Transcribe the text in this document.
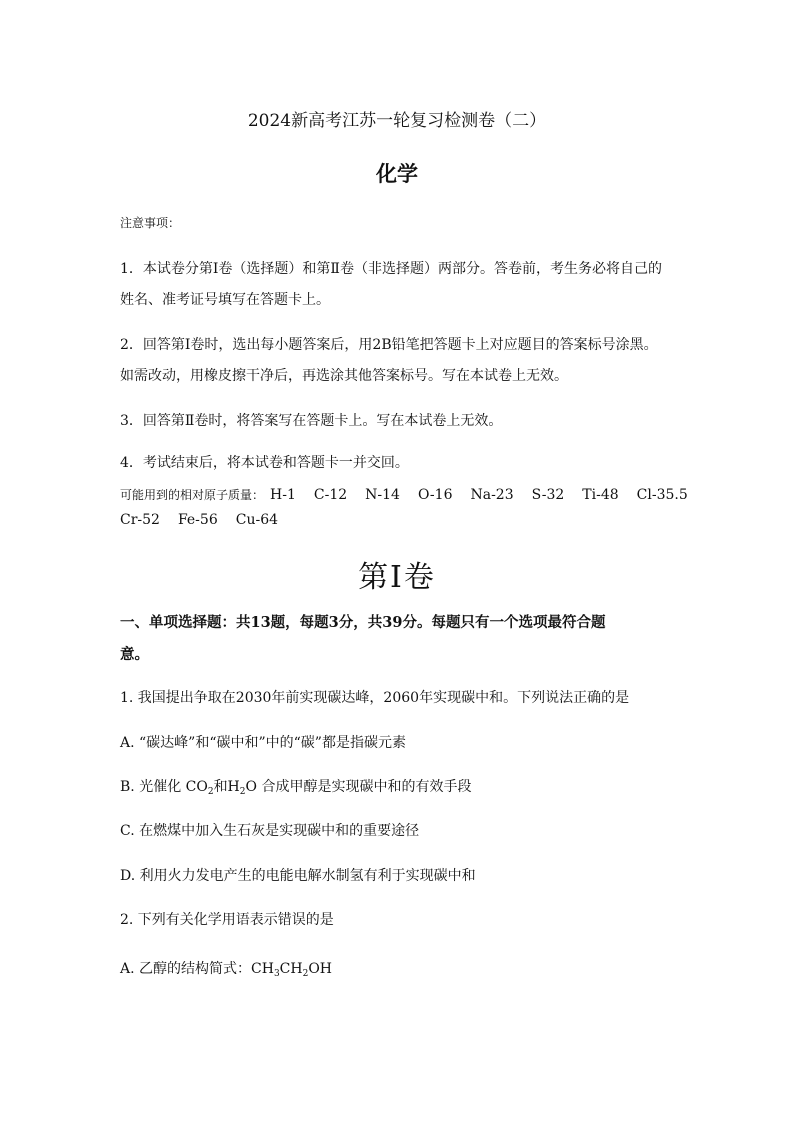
2024新高考江苏一轮复习检测卷（二）
化学
注意事项：
1．本试卷分第Ⅰ卷（选择题）和第Ⅱ卷（非选择题）两部分。答卷前，考生务必将自己的
姓名、准考证号填写在答题卡上。
2．回答第Ⅰ卷时，选出每小题答案后，用2B铅笔把答题卡上对应题目的答案标号涂黑。
如需改动，用橡皮擦干净后，再选涂其他答案标号。写在本试卷上无效。
3．回答第Ⅱ卷时，将答案写在答题卡上。写在本试卷上无效。
4．考试结束后，将本试卷和答题卡一并交回。
可能用到的相对原子质量： H-1 C-12 N-14 O-16 Na-23 S-32 Ti-48 Cl-35.5
Cr-52 Fe-56 Cu-64
第Ⅰ卷
一、单项选择题：共13题，每题3分，共39分。每题只有一个选项最符合题
意。
1. 我国提出争取在2030年前实现碳达峰，2060年实现碳中和。下列说法正确的是
A. “碳达峰”和“碳中和”中的“碳”都是指碳元素
B. 光催化 $CO_2$和$H_2O$ 合成甲醇是实现碳中和的有效手段
C. 在燃煤中加入生石灰是实现碳中和的重要途径
D. 利用火力发电产生的电能电解水制氢有利于实现碳中和
2. 下列有关化学用语表示错误的是
A. 乙醇的结构简式：$CH_3CH_2OH$
